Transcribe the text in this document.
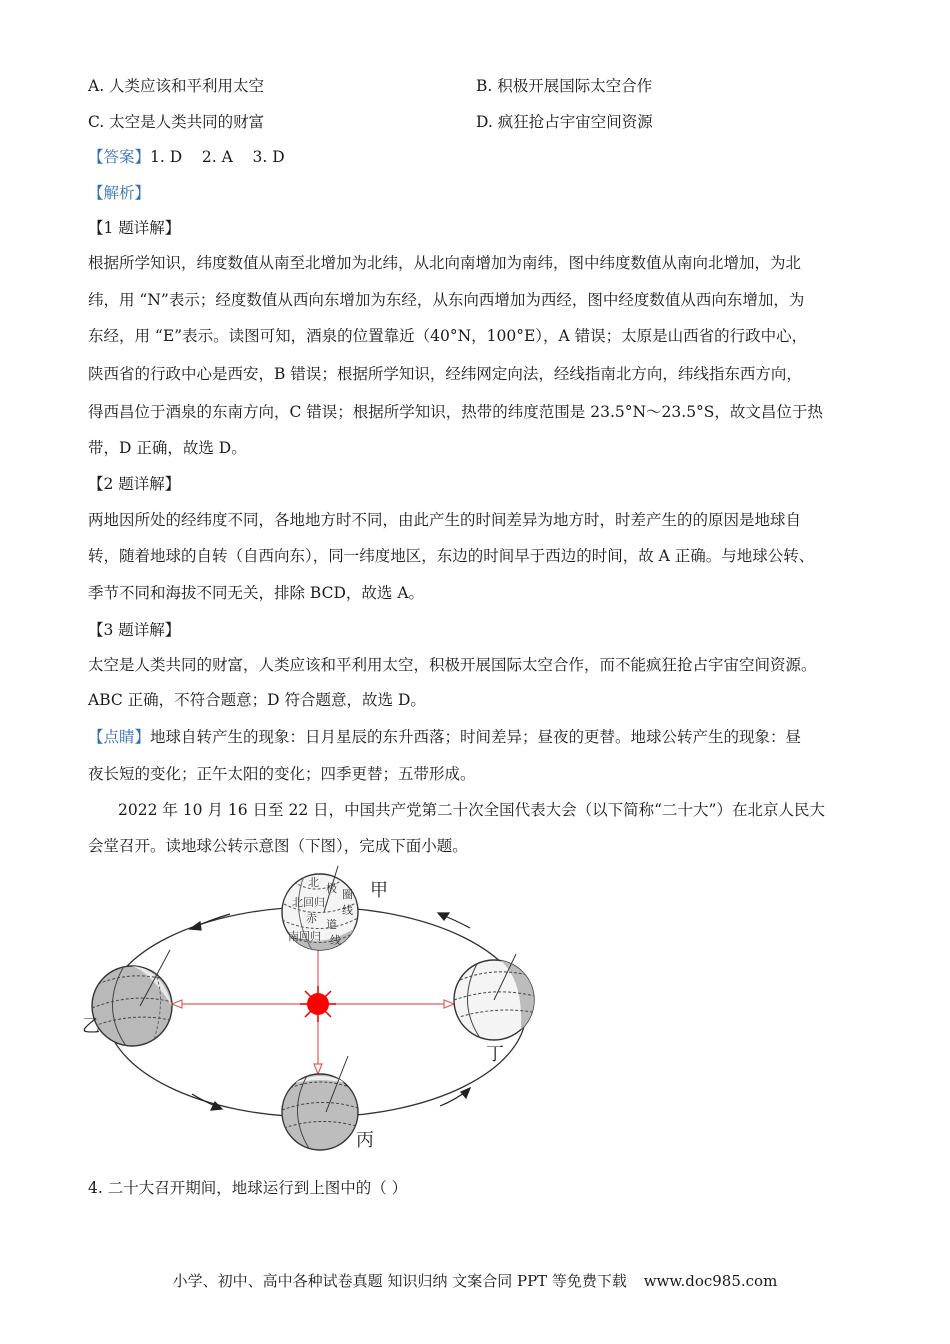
A. 人类应该和平利用太空	B. 积极开展国际太空合作
C. 太空是人类共同的财富	D. 疯狂抢占宇宙空间资源
【答案】1. D    2. A    3. D
【解析】
【1 题详解】
根据所学知识，纬度数值从南至北增加为北纬，从北向南增加为南纬，图中纬度数值从南向北增加，为北
纬，用 “N”表示；经度数值从西向东增加为东经，从东向西增加为西经，图中经度数值从西向东增加，为
东经，用 “E”表示。读图可知，酒泉的位置靠近（40°N，100°E），A 错误；太原是山西省的行政中心，
陕西省的行政中心是西安，B 错误；根据所学知识，经纬网定向法，经线指南北方向，纬线指东西方向，
得西昌位于酒泉的东南方向，C 错误；根据所学知识，热带的纬度范围是 23.5°N～23.5°S，故文昌位于热
带，D 正确，故选 D。
【2 题详解】
两地因所处的经纬度不同，各地地方时不同，由此产生的时间差异为地方时，时差产生的的原因是地球自
转，随着地球的自转（自西向东），同一纬度地区，东边的时间早于西边的时间，故 A 正确。与地球公转、
季节不同和海拔不同无关，排除 BCD，故选 A。
【3 题详解】
太空是人类共同的财富，人类应该和平利用太空，积极开展国际太空合作，而不能疯狂抢占宇宙空间资源。
ABC 正确，不符合题意；D 符合题意，故选 D。
【点睛】地球自转产生的现象：日月星辰的东升西落；时间差异；昼夜的更替。地球公转产生的现象：昼
夜长短的变化；正午太阳的变化；四季更替；五带形成。
2022 年 10 月 16 日至 22 日，中国共产党第二十次全国代表大会（以下简称“二十大”）在北京人民大
会堂召开。读地球公转示意图（下图），完成下面小题。
北 极 圈
北回归
线
赤 道
南回归 线
甲
乙
丁
丙
4. 二十大召开期间，地球运行到上图中的（ ）
小学、初中、高中各种试卷真题 知识归纳 文案合同 PPT 等免费下载 www.doc985.com
